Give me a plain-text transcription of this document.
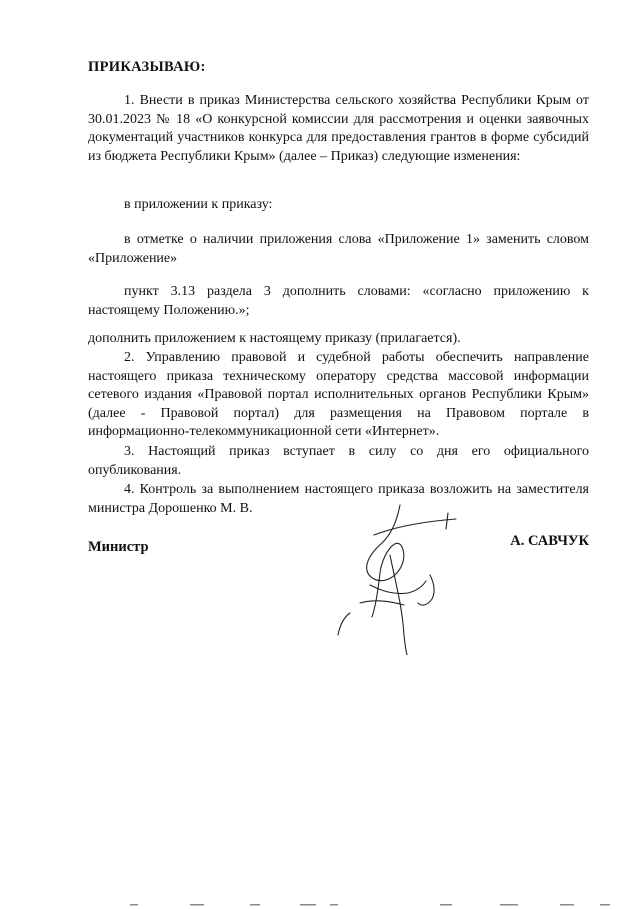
ПРИКАЗЫВАЮ:
1. Внести в приказ Министерства сельского хозяйства Республики Крым от 30.01.2023 № 18 «О конкурсной комиссии для рассмотрения и оценки заявочных документаций участников конкурса для предоставления грантов в форме субсидий из бюджета Республики Крым» (далее – Приказ) следующие изменения:
в приложении к приказу:
в отметке о наличии приложения слова «Приложение 1» заменить словом «Приложение»
пункт 3.13 раздела 3 дополнить словами: «согласно приложению к настоящему Положению.»;
дополнить приложением к настоящему приказу (прилагается).
2. Управлению правовой и судебной работы обеспечить направление настоящего приказа техническому оператору средства массовой информации сетевого издания «Правовой портал исполнительных органов Республики Крым» (далее - Правовой портал) для размещения на Правовом портале в информационно-телекоммуникационной сети «Интернет».
3. Настоящий приказ вступает в силу со дня его официального опубликования.
4. Контроль за выполнением настоящего приказа возложить на заместителя министра Дорошенко М. В.
Министр	А. САВЧУК
